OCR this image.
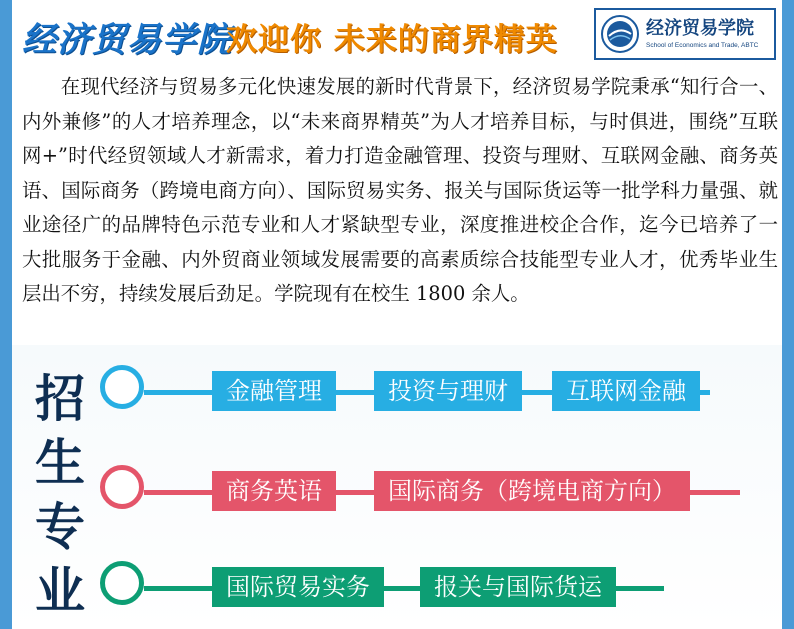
经济贸易学院
欢迎你 未来的商界精英	经济贸易学院
School of Economics and Trade, ABTC

在现代经济与贸易多元化快速发展的新时代背景下，经济贸易学院秉承“知行合一、内外兼修”的人才培养理念，以“未来商界精英”为人才培养目标，与时俱进，围绕”互联网+”时代经贸领域人才新需求，着力打造金融管理、投资与理财、互联网金融、商务英语、国际商务（跨境电商方向）、国际贸易实务、报关与国际货运等一批学科力量强、就业途径广的品牌特色示范专业和人才紧缺型专业，深度推进校企合作，迄今已培养了一大批服务于金融、内外贸商业领域发展需要的高素质综合技能型专业人才，优秀毕业生层出不穷，持续发展后劲足。学院现有在校生 1800 余人。

招
生
专
业
金融管理	投资与理财	互联网金融
商务英语	国际商务（跨境电商方向）
国际贸易实务	报关与国际货运
